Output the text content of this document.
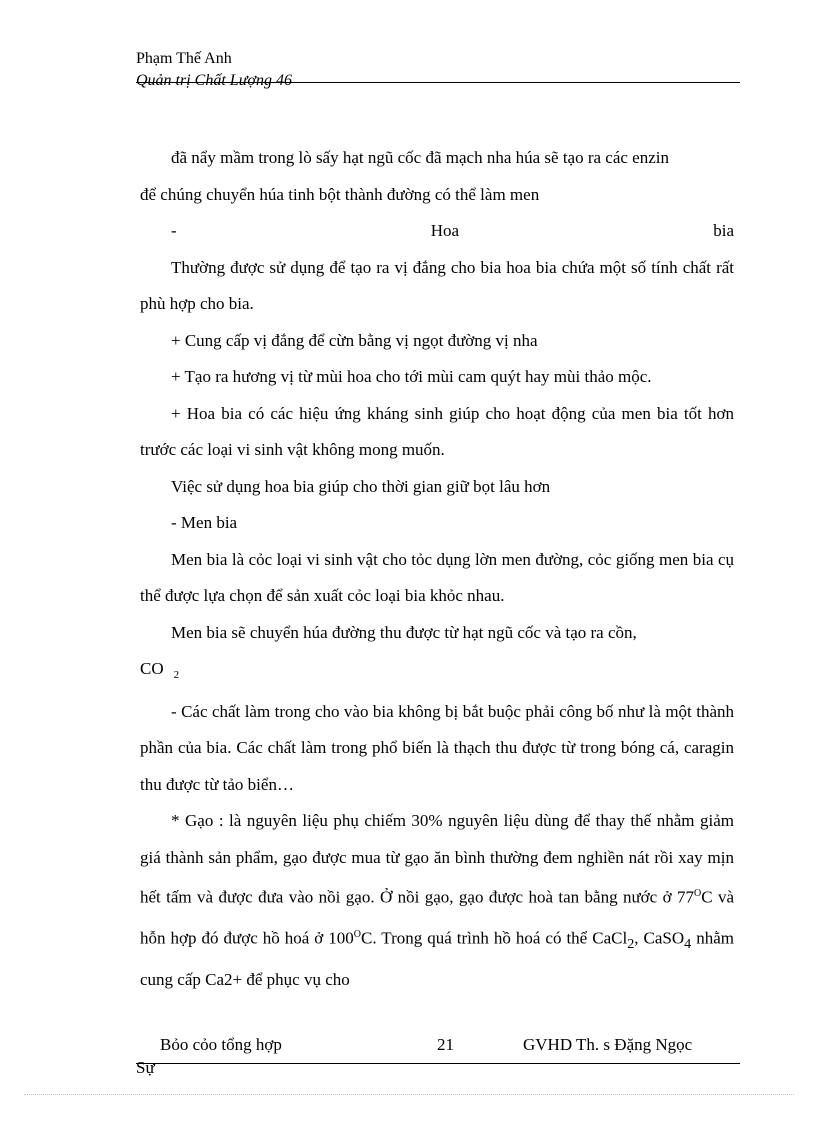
Phạm Thế Anh
Quản trị Chất Lượng 46

đã nẩy mầm trong lò sấy hạt ngũ cốc đã mạch nha húa sẽ tạo ra các enzin

để chúng chuyển húa tinh bột thành đường có thể làm men

-	Hoa	bia

Thường được sử dụng để tạo ra vị đắng cho bia hoa bia chứa một số tính chất rất phù hợp cho bia.

+ Cung cấp vị đắng để cừn bằng vị ngọt đường vị nha

+ Tạo ra hương vị từ mùi hoa cho tới mùi cam quýt hay mùi thảo mộc.

+ Hoa bia có các hiệu ứng kháng sinh giúp cho hoạt động của men bia tốt hơn trước các loại vi sinh vật không mong muốn.

Việc sử dụng hoa bia giúp cho thời gian giữ bọt lâu hơn

- Men bia

Men bia là cỏc loại vi sinh vật cho tỏc dụng lờn men đường, cỏc giống men bia cụ thể được lựa chọn để sản xuất cỏc loại bia khỏc nhau.

Men bia sẽ chuyển húa đường thu được từ hạt ngũ cốc và tạo ra cồn,

CO $_2$

- Các chất làm trong cho vào bia không bị bắt buộc phải công bố như là một thành phần của bia. Các chất làm trong phổ biến là thạch thu được từ trong bóng cá, caragin thu được từ tảo biển…

* Gạo : là nguyên liệu phụ chiếm 30% nguyên liệu dùng để thay thế nhằm giảm giá thành sản phẩm, gạo được mua từ gạo ăn bình thường đem nghiền nát rồi xay mịn hết tấm và được đưa vào nồi gạo. Ở nồi gạo, gạo được hoà tan bằng nước ở $77^OC$ và hỗn hợp đó được hồ hoá ở $100^OC$. Trong quá trình hồ hoá có thể CaCl$_2$, CaSO$_4$ nhằm cung cấp Ca2+ để phục vụ cho

Bỏo cỏo tổng hợp	21	GVHD Th. s Đặng Ngọc
Sự
